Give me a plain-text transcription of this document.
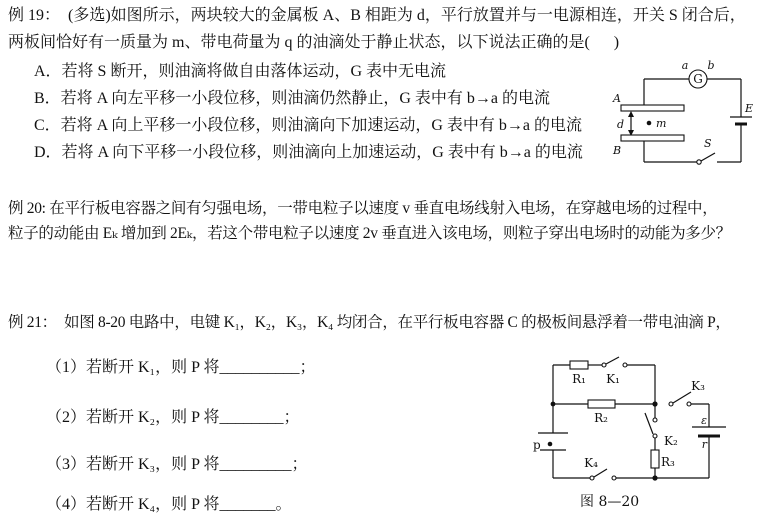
例 19：  (多选)如图所示，两块较大的金属板 A、B 相距为 d，平行放置并与一电源相连，开关 S 闭合后，
两板间恰好有一质量为 m、带电荷量为 q 的油滴处于静止状态，以下说法正确的是(      )
A．若将 S 断开，则油滴将做自由落体运动，G 表中无电流
B．若将 A 向左平移一小段位移，则油滴仍然静止，G 表中有 b→a 的电流
C．若将 A 向上平移一小段位移，则油滴向下加速运动，G 表中有 b→a 的电流
D．若将 A 向下平移一小段位移，则油滴向上加速运动，G 表中有 b→a 的电流
G
a b
A
d	m
B
S
E
例 20: 在平行板电容器之间有匀强电场，一带电粒子以速度 v 垂直电场线射入电场，在穿越电场的过程中，
粒子的动能由 Eₖ 增加到 2Eₖ，若这个带电粒子以速度 2v 垂直进入该电场，则粒子穿出电场时的动能为多少？
例 21：  如图 8-20 电路中，电键 K₁，K₂，K₃，K₄ 均闭合，在平行板电容器 C 的极板间悬浮着一带电油滴 P，
（1）若断开 K₁，则 P 将__________；
（2）若断开 K₂，则 P 将________；
（3）若断开 K₃，则 P 将_________；
（4）若断开 K₄，则 P 将_______。
R₁ K₁
R₂
p
K₄
K₂
R₃
K₃
ε
r
图 8—20
